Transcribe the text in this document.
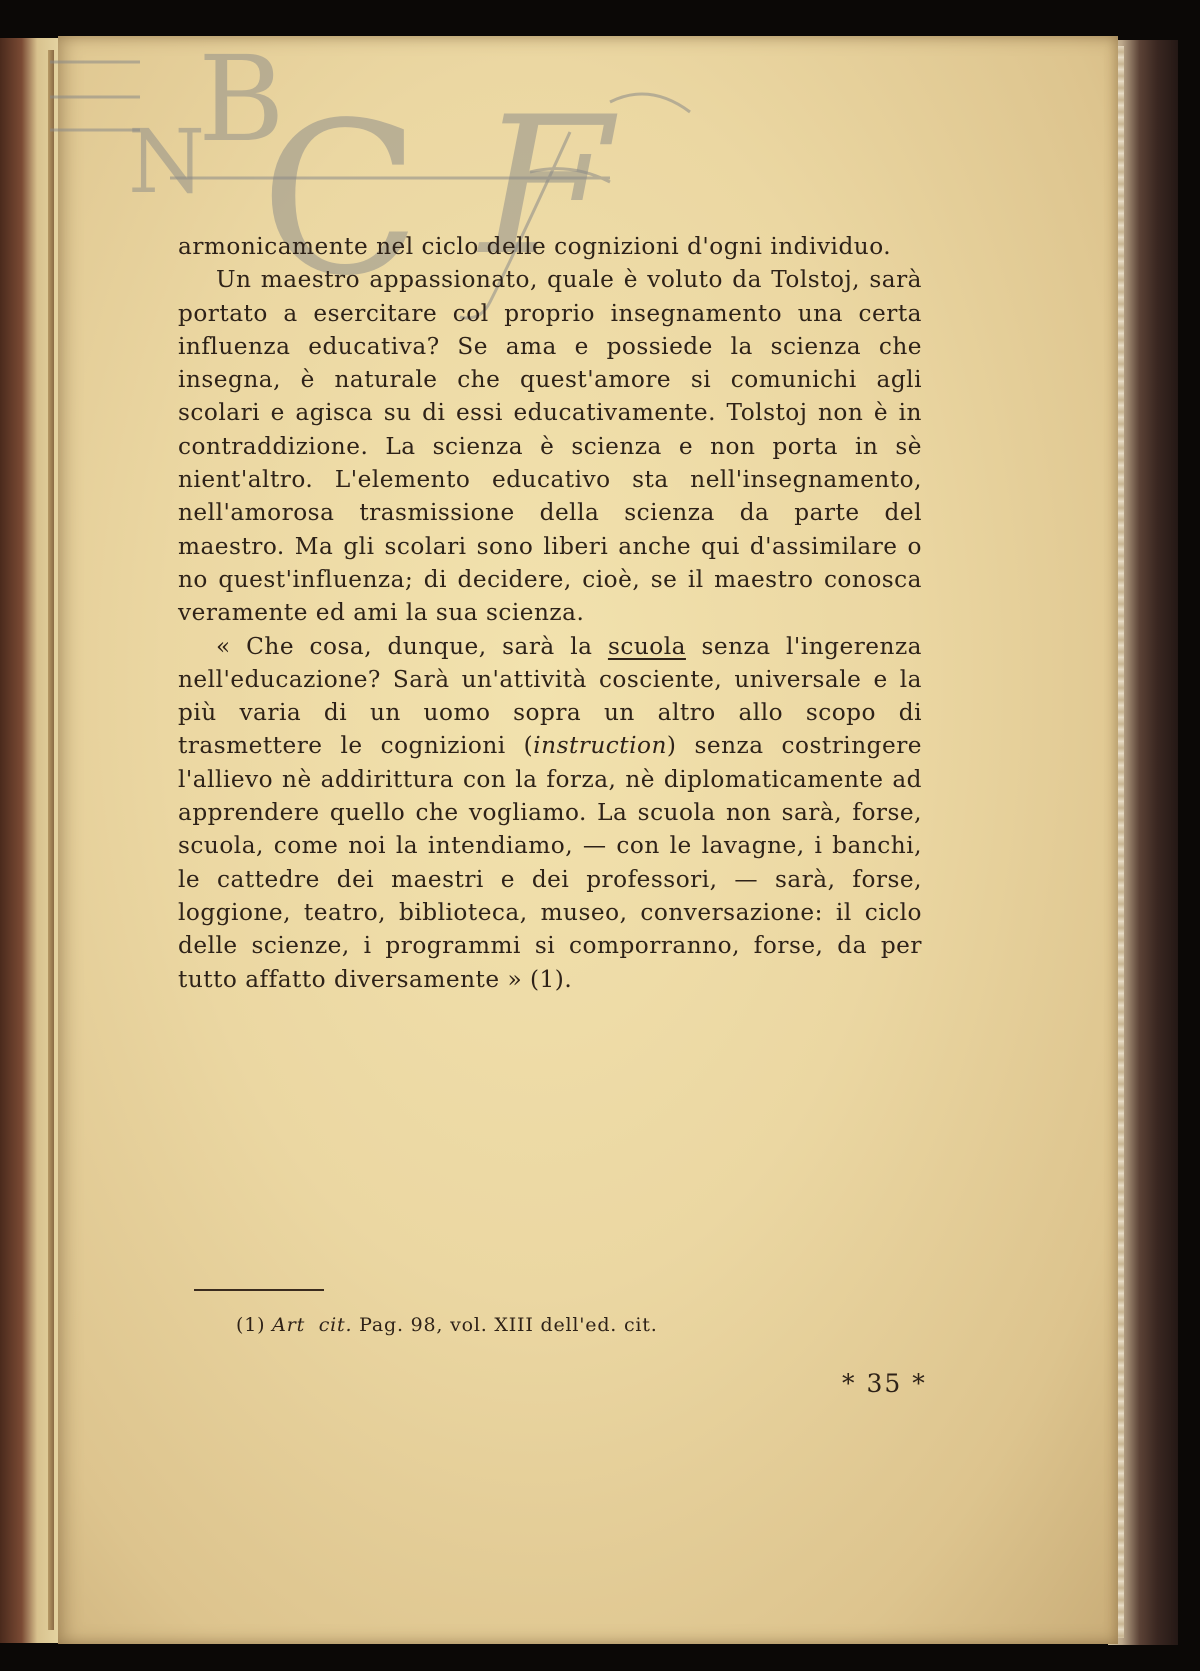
B
N C F

armonicamente nel ciclo delle cognizioni d'ogni individuo.

Un maestro appassionato, quale è voluto da Tolstoj, sarà portato a esercitare col proprio insegnamento una certa influenza educativa? Se ama e possiede la scienza che insegna, è naturale che quest'amore si comunichi agli scolari e agisca su di essi educativamente. Tolstoj non è in contraddizione. La scienza è scienza e non porta in sè nient'altro. L'elemento educativo sta nell'insegnamento, nell'amorosa trasmissione della scienza da parte del maestro. Ma gli scolari sono liberi anche qui d'assimilare o no quest'influenza; di decidere, cioè, se il maestro conosca veramente ed ami la sua scienza.

« Che cosa, dunque, sarà la scuola senza l'ingerenza nell'educazione? Sarà un'attività cosciente, universale e la più varia di un uomo sopra un altro allo scopo di trasmettere le cognizioni (instruction) senza costringere l'allievo nè addirittura con la forza, nè diplomaticamente ad apprendere quello che vogliamo. La scuola non sarà, forse, scuola, come noi la intendiamo, — con le lavagne, i banchi, le cattedre dei maestri e dei professori, — sarà, forse, loggione, teatro, biblioteca, museo, conversazione: il ciclo delle scienze, i programmi si comporranno, forse, da per tutto affatto diversamente » (1).

(1) Art cit. Pag. 98, vol. XIII dell'ed. cit.
* 35 *
